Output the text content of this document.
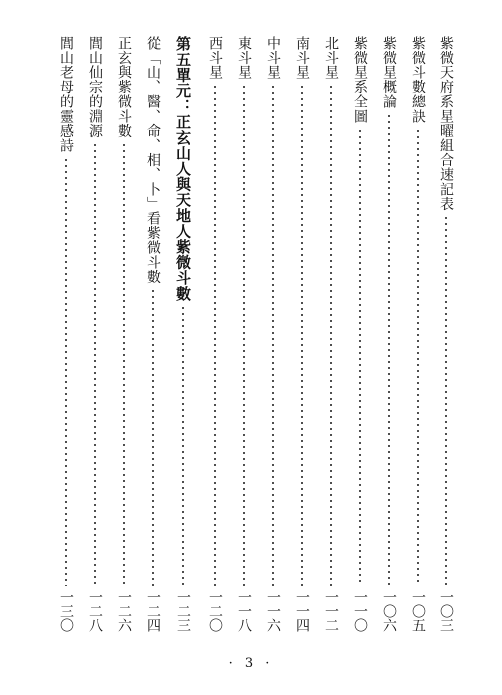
紫微天府系星曜組合速記表
一〇三
紫微斗數總訣
一〇五
紫微星概論
一〇六
紫微星系全圖
一一〇
北斗星
一一二
南斗星
一一四
中斗星
一一六
東斗星
一一八
西斗星
一二〇
第五單元：正玄山人與天地人紫微斗數
一二三
從「山、醫、命、相、卜」看紫微斗數
一二四
正玄與紫微斗數
一二六
閭山仙宗的淵源
一二八
閭山老母的靈感詩
一三〇
· 3 ·
